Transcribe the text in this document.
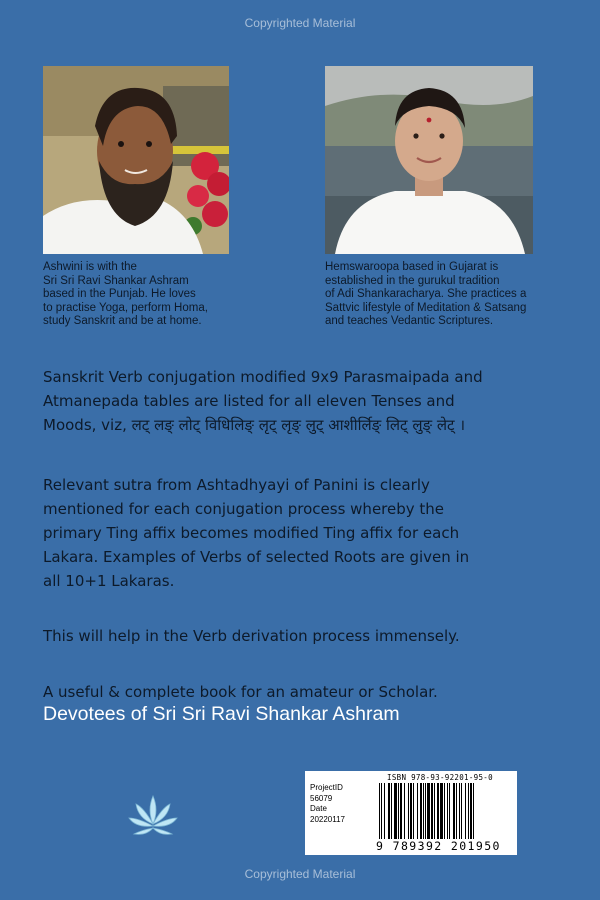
Copyrighted Material
Ashwini is with the
Sri Sri Ravi Shankar Ashram
based in the Punjab. He loves
to practise Yoga, perform Homa,
study Sanskrit and be at home.
Hemswaroopa based in Gujarat is
established in the gurukul tradition
of Adi Shankaracharya. She practices a
Sattvic lifestyle of Meditation & Satsang
and teaches Vedantic Scriptures.
Sanskrit Verb conjugation modified 9x9 Parasmaipada and
Atmanepada tables are listed for all eleven Tenses and
Moods, viz, लट् लङ् लोट् विधिलिङ् लृट् लृङ् लुट् आशीर्लिङ् लिट् लुङ् लेट् ।
Relevant sutra from Ashtadhyayi of Panini is clearly
mentioned for each conjugation process whereby the
primary Ting affix becomes modified Ting affix for each
Lakara. Examples of Verbs of selected Roots are given in
all 10+1 Lakaras.
This will help in the Verb derivation process immensely.
A useful & complete book for an amateur or Scholar.
Devotees of Sri Sri Ravi Shankar Ashram
ISBN 978-93-92201-95-0
ProjectID
56079
Date
20220117
9 789392 201950
Copyrighted Material
